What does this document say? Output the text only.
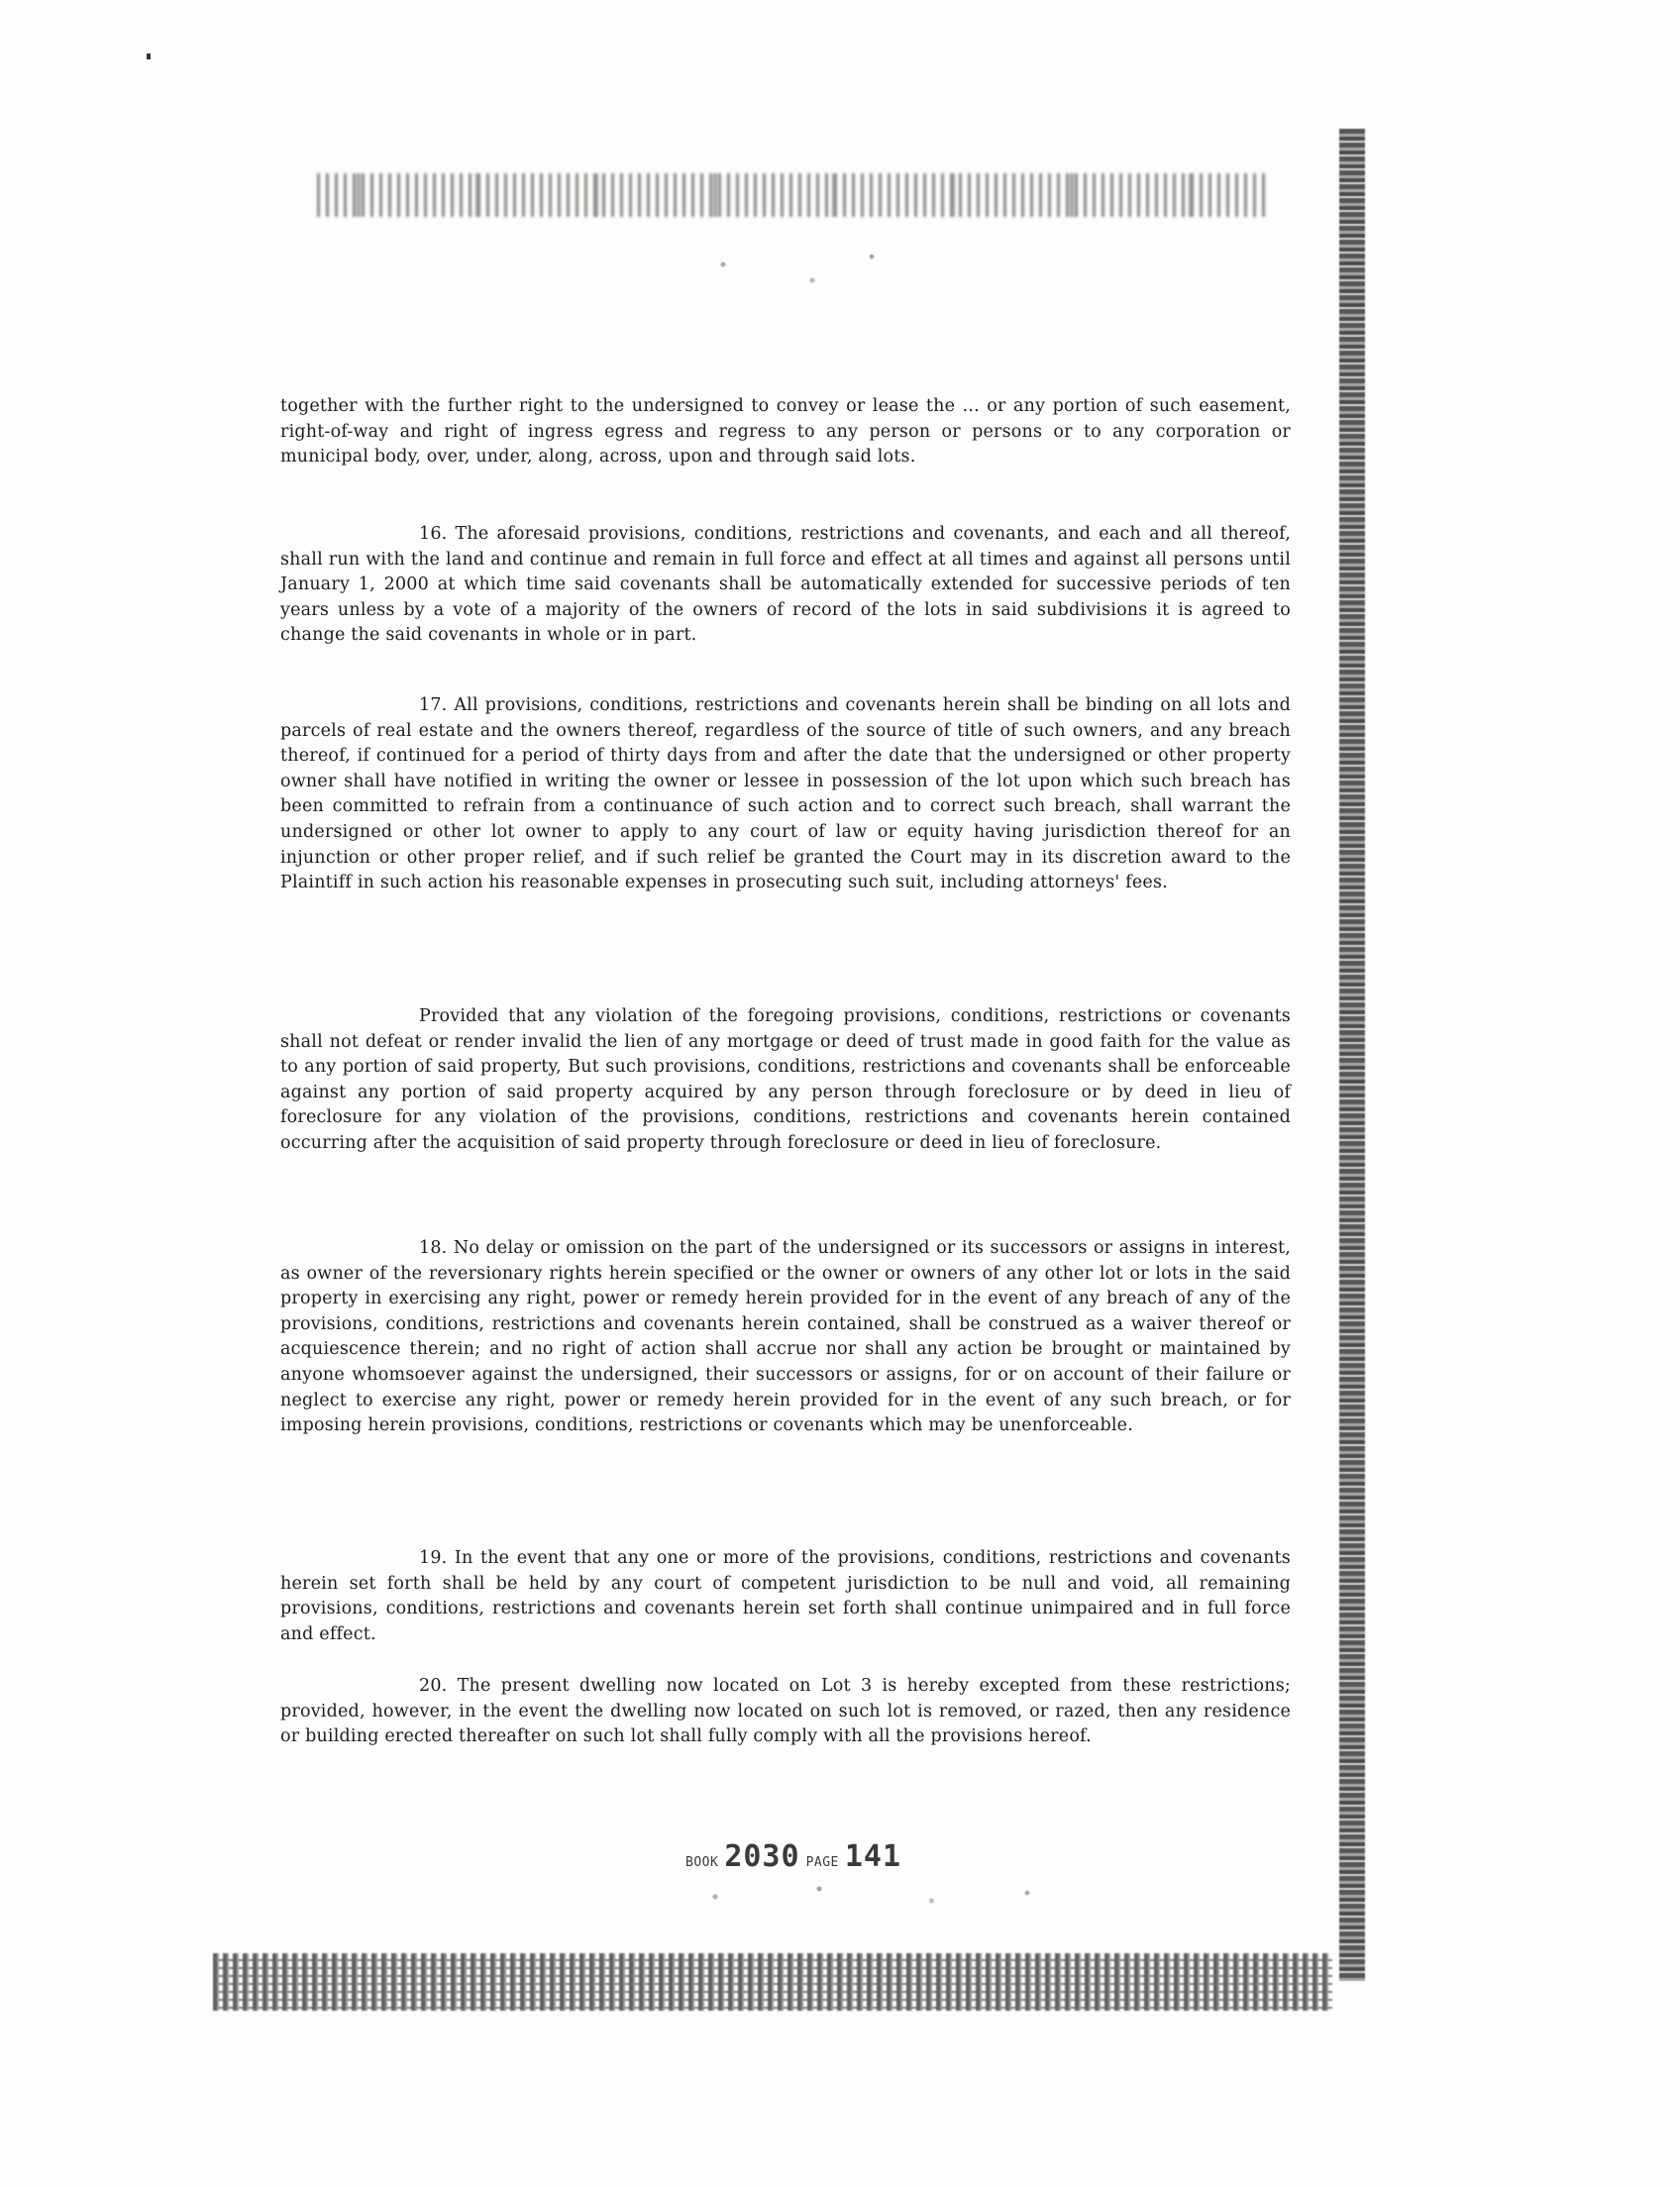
together with the further right to the undersigned to convey or lease the ... or any portion of such easement, right-of-way and right of ingress egress and regress to any person or persons or to any corporation or municipal body, over, under, along, across, upon and through said lots.

16. The aforesaid provisions, conditions, restrictions and covenants, and each and all thereof, shall run with the land and continue and remain in full force and effect at all times and against all persons until January 1, 2000 at which time said covenants shall be automatically extended for successive periods of ten years unless by a vote of a majority of the owners of record of the lots in said subdivisions it is agreed to change the said covenants in whole or in part.

17. All provisions, conditions, restrictions and covenants herein shall be binding on all lots and parcels of real estate and the owners thereof, regardless of the source of title of such owners, and any breach thereof, if continued for a period of thirty days from and after the date that the undersigned or other property owner shall have notified in writing the owner or lessee in possession of the lot upon which such breach has been committed to refrain from a continuance of such action and to correct such breach, shall warrant the undersigned or other lot owner to apply to any court of law or equity having jurisdiction thereof for an injunction or other proper relief, and if such relief be granted the Court may in its discretion award to the Plaintiff in such action his reasonable expenses in prosecuting such suit, including attorneys' fees.

Provided that any violation of the foregoing provisions, conditions, restrictions or covenants shall not defeat or render invalid the lien of any mortgage or deed of trust made in good faith for the value as to any portion of said property, But such provisions, conditions, restrictions and covenants shall be enforceable against any portion of said property acquired by any person through foreclosure or by deed in lieu of foreclosure for any violation of the provisions, conditions, restrictions and covenants herein contained occurring after the acquisition of said property through foreclosure or deed in lieu of foreclosure.

18. No delay or omission on the part of the undersigned or its successors or assigns in interest, as owner of the reversionary rights herein specified or the owner or owners of any other lot or lots in the said property in exercising any right, power or remedy herein provided for in the event of any breach of any of the provisions, conditions, restrictions and covenants herein contained, shall be construed as a waiver thereof or acquiescence therein; and no right of action shall accrue nor shall any action be brought or maintained by anyone whomsoever against the undersigned, their successors or assigns, for or on account of their failure or neglect to exercise any right, power or remedy herein provided for in the event of any such breach, or for imposing herein provisions, conditions, restrictions or covenants which may be unenforceable.

19. In the event that any one or more of the provisions, conditions, restrictions and covenants herein set forth shall be held by any court of competent jurisdiction to be null and void, all remaining provisions, conditions, restrictions and covenants herein set forth shall continue unimpaired and in full force and effect.

20. The present dwelling now located on Lot 3 is hereby excepted from these restrictions; provided, however, in the event the dwelling now located on such lot is removed, or razed, then any residence or building erected thereafter on such lot shall fully comply with all the provisions hereof.

BOOK 2030 PAGE 141
